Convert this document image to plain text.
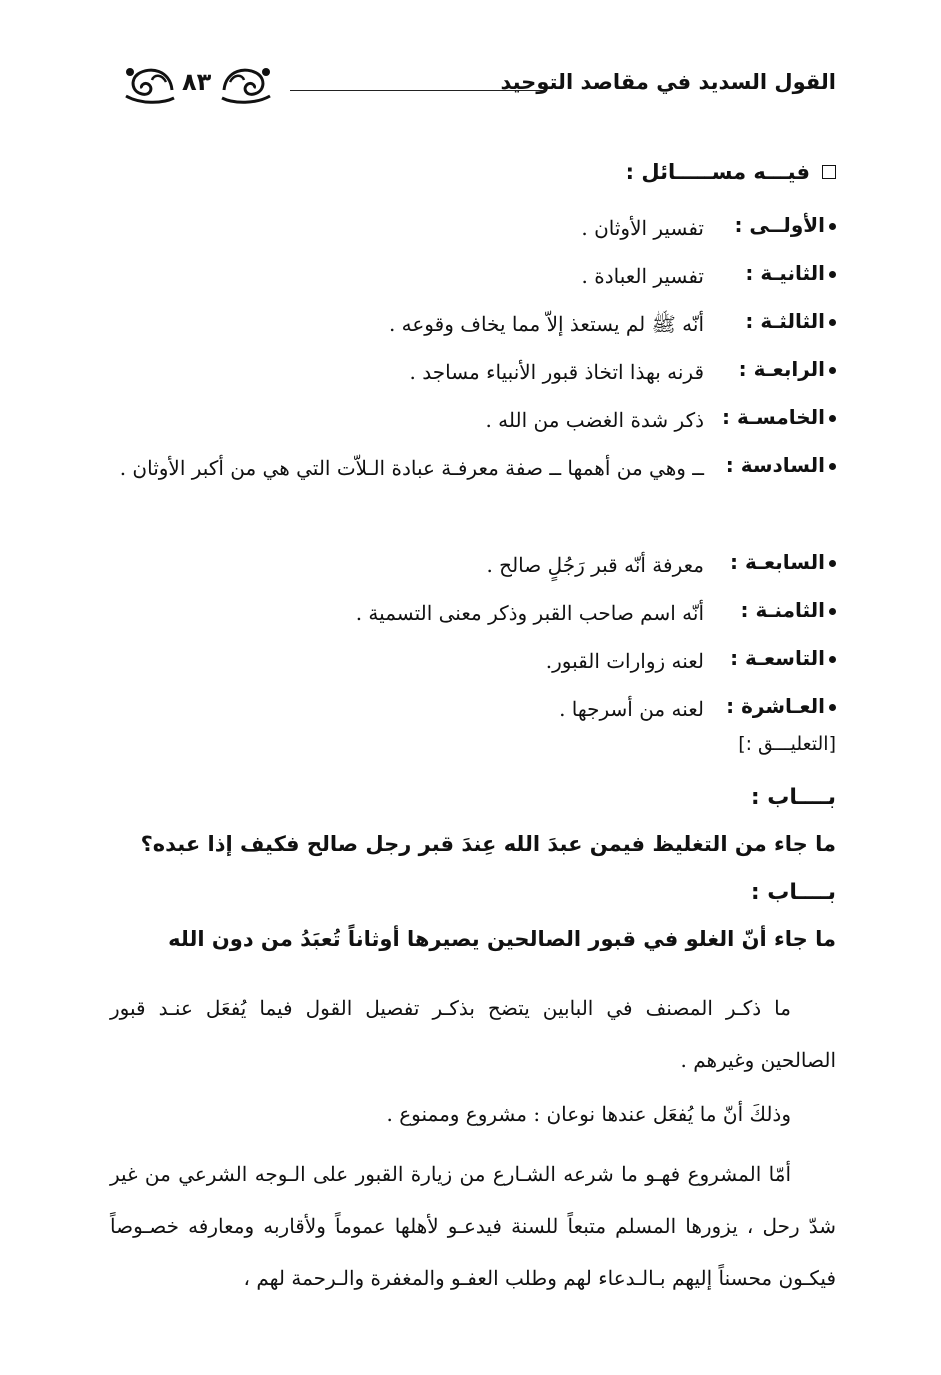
القول السديد في مقاصد التوحيد
٨٣
فيـــه مســـــائل :
الأولــى :
تفسير الأوثان .
الثانيـة :
تفسير العبادة .
الثالثـة :
أنّه ﷺ لم يستعذ إلاّ مما يخاف وقوعه .
الرابعـة :
قرنه بهذا اتخاذ قبور الأنبياء مساجد .
الخامسـة :
ذكر شدة الغضب من الله .
السادسة :
ــ وهي من أهمها ــ صفة معرفـة عبادة الـلاّت التي هي من أكبر الأوثان .
السابعـة :
معرفة أنّه قبر رَجُلٍ صالح .
الثامنـة :
أنّه اسم صاحب القبر وذكر معنى التسمية .
التاسعـة :
لعنه زوارات القبور.
العـاشرة :
لعنه من أسرجها .
[التعليـــق :]
بــــاب :
ما جاء من التغليظ فيمن عبدَ الله عِندَ قبر رجل صالح فكيف إذا عبده؟
بــــاب :
ما جاء أنّ الغلو في قبور الصالحين يصيرها أوثاناً تُعبَدُ من دون الله
ما ذكـر المصنف في البابين يتضح بذكـر تفصيل القول فيما يُفعَل عنـد قبور الصالحين وغيرهم .
وذلكَ أنّ ما يُفعَل عندها نوعان : مشروع وممنوع .
أمّا المشروع فهـو ما شرعه الشـارع من زيارة القبور على الـوجه الشرعي من غير شدّ رحل ، يزورها المسلم متبعاً للسنة فيدعـو لأهلها عموماً ولأقاربه ومعارفه خصـوصاً فيكـون محسناً إليهم بـالـدعاء لهم وطلب العفـو والمغفرة والـرحمة لهم ،
